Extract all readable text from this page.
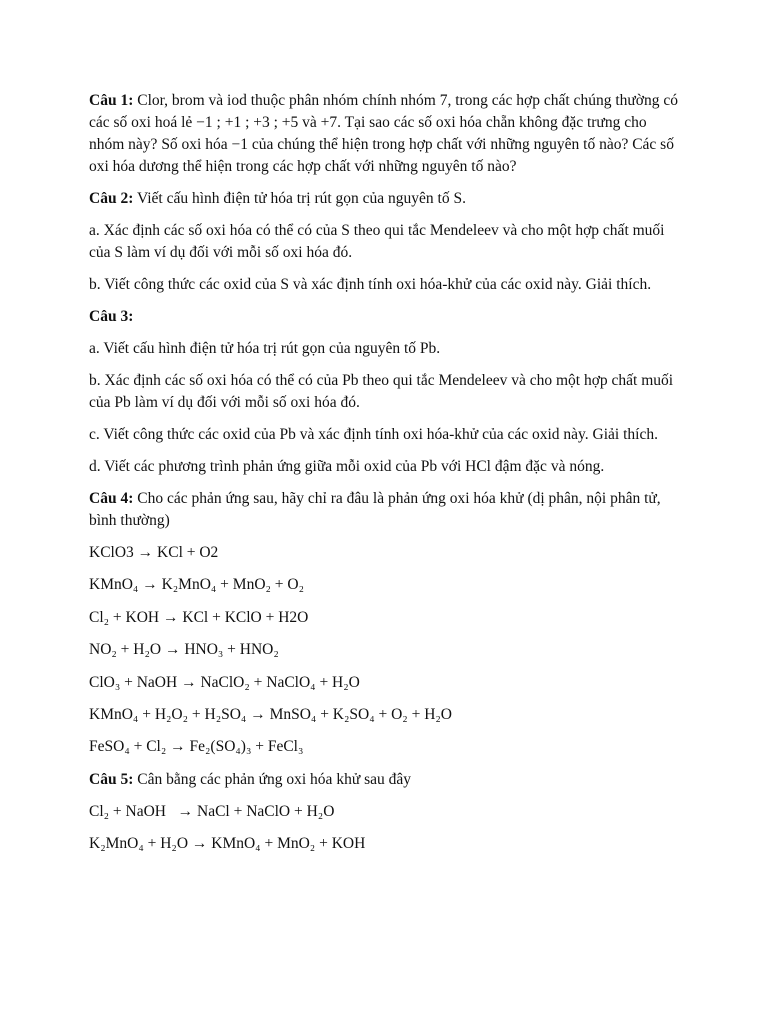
Câu 1: Clor, brom và iod thuộc phân nhóm chính nhóm 7, trong các hợp chất chúng thường có các số oxi hoá lẻ −1 ; +1 ; +3 ; +5 và +7. Tại sao các số oxi hóa chẵn không đặc trưng cho nhóm này? Số oxi hóa −1 của chúng thể hiện trong hợp chất với những nguyên tố nào? Các số oxi hóa dương thể hiện trong các hợp chất với những nguyên tố nào?

Câu 2: Viết cấu hình điện tử hóa trị rút gọn của nguyên tố S.

a. Xác định các số oxi hóa có thể có của S theo qui tắc Mendeleev và cho một hợp chất muối của S làm ví dụ đối với mỗi số oxi hóa đó.

b. Viết công thức các oxid của S và xác định tính oxi hóa-khử của các oxid này. Giải thích.

Câu 3:

a. Viết cấu hình điện tử hóa trị rút gọn của nguyên tố Pb.

b. Xác định các số oxi hóa có thể có của Pb theo qui tắc Mendeleev và cho một hợp chất muối của Pb làm ví dụ đối với mỗi số oxi hóa đó.

c. Viết công thức các oxid của Pb và xác định tính oxi hóa-khử của các oxid này. Giải thích.

d. Viết các phương trình phản ứng giữa mỗi oxid của Pb với HCl đậm đặc và nóng.

Câu 4: Cho các phản ứng sau, hãy chỉ ra đâu là phản ứng oxi hóa khử (dị phân, nội phân tử, bình thường)

KClO3 → KCl + O2

KMnO₄ → K₂MnO₄ + MnO₂ + O₂

Cl₂ + KOH → KCl + KClO + H2O

NO₂ + H₂O → HNO₃ + HNO₂

ClO₃ + NaOH → NaClO₂ + NaClO₄ + H₂O

KMnO₄ + H₂O₂ + H₂SO₄ → MnSO₄ + K₂SO₄ + O₂ + H₂O

FeSO₄ + Cl₂ → Fe₂(SO₄)₃ + FeCl₃

Câu 5: Cân bằng các phản ứng oxi hóa khử sau đây

Cl₂ + NaOH   → NaCl + NaClO + H₂O

K₂MnO₄ + H₂O → KMnO₄ + MnO₂ + KOH
